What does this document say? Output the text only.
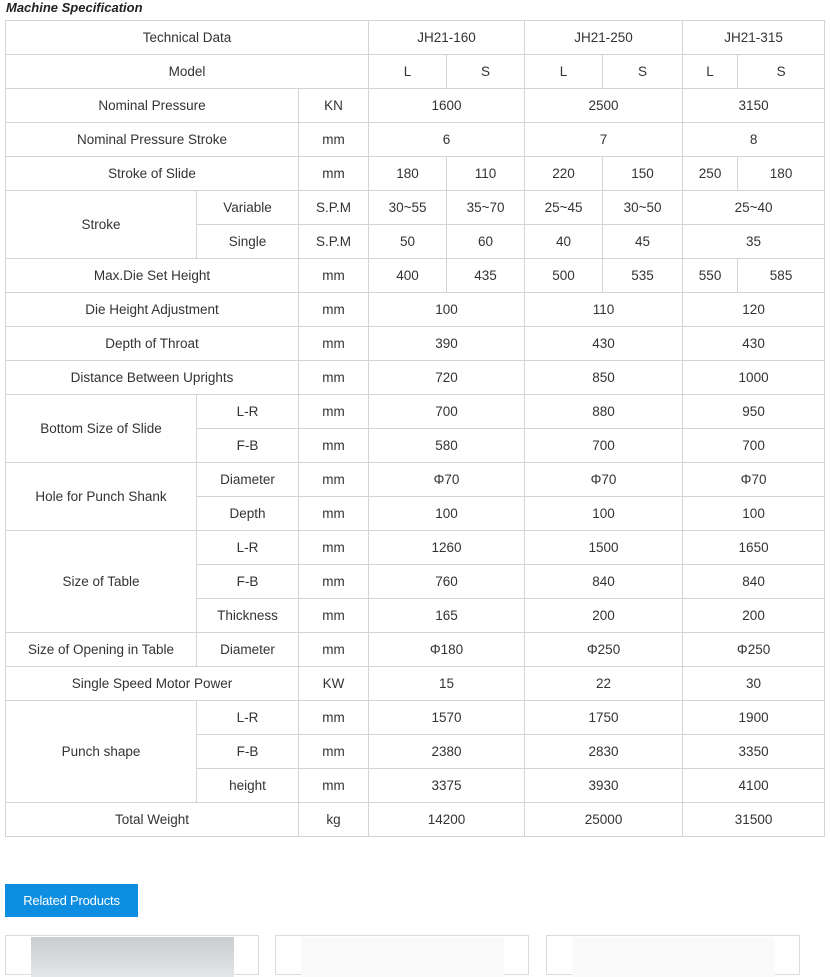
Machine Specification
Technical Data			JH21-160		JH21-250		JH21-315	
Model			L	S	L	S	L	S
Nominal Pressure		KN	1600		2500		3150	
Nominal Pressure Stroke		mm	6		7		8	
Stroke of Slide		mm	180	110	220	150	250	180
Stroke	Variable	S.P.M	30~55	35~70	25~45	30~50	25~40	
	Single	S.P.M	50	60	40	45	35	
Max.Die Set Height		mm	400	435	500	535	550	585
Die Height Adjustment		mm	100		110		120	
Depth of Throat		mm	390		430		430	
Distance Between Uprights		mm	720		850		1000	
Bottom Size of Slide	L-R	mm	700		880		950	
	F-B	mm	580		700		700	
Hole for Punch Shank	Diameter	mm	Φ70		Φ70		Φ70	
	Depth	mm	100		100		100	
Size of Table	L-R	mm	1260		1500		1650	
	F-B	mm	760		840		840	
	Thickness	mm	165		200		200	
Size of Opening in Table	Diameter	mm	Φ180		Φ250		Φ250	
Single Speed Motor Power		KW	15		22		30	
Punch shape	L-R	mm	1570		1750		1900	
	F-B	mm	2380		2830		3350	
	height	mm	3375		3930		4100	
Total Weight		kg	14200		25000		31500	
Related Products
